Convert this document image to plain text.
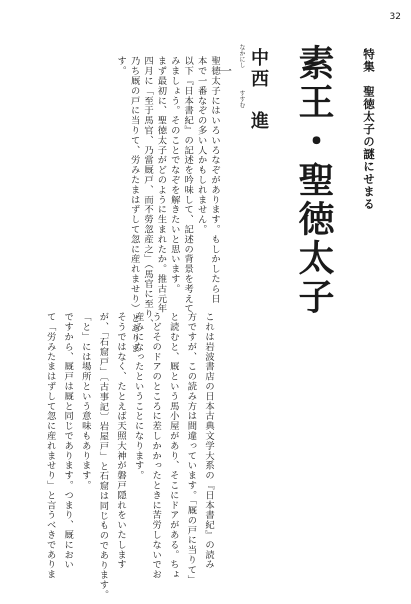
32
特集　聖徳太子の謎にせまる
素王・聖徳太子
中西　進
なかにし
すすむ
一
聖徳太子にはいろいろなぞがあります。もしかしたら日
本で一番なぞの多い人かもしれません。
以下『日本書紀』の記述を吟味して、記述の背景を考えて
みましょう。そのことでなぞを解きたいと思います。
まず最初に、聖徳太子がどのように生まれたか。推古元年
四月に「至于馬官、乃當厩戸、而不勞忽産之」（馬官に至り、
乃ち厩の戸に当りて、労みたまはずして忽に産れませり）とありま
す。
これは岩波書店の日本古典文学大系の『日本書紀』の読み
方ですが、この読み方は間違っています。「厩の戸に当りて」
と読むと、厩という馬小屋があり、そこにドアがある。ちょ
うどそのドアのところに差しかかったときに苦労しないでお
産みになったということになります。
そうではなく、たとえば天照大神が磐戸隠れをいたします
が、「石窟戸」〔古事記〕岩屋戸」と石窟は同じものであります。
「と」には場所という意味もあります。
ですから、厩戸は厩と同じであります。つまり、厩におい
て「労みたまはずして忽に産れませり」と言うべきでありま
